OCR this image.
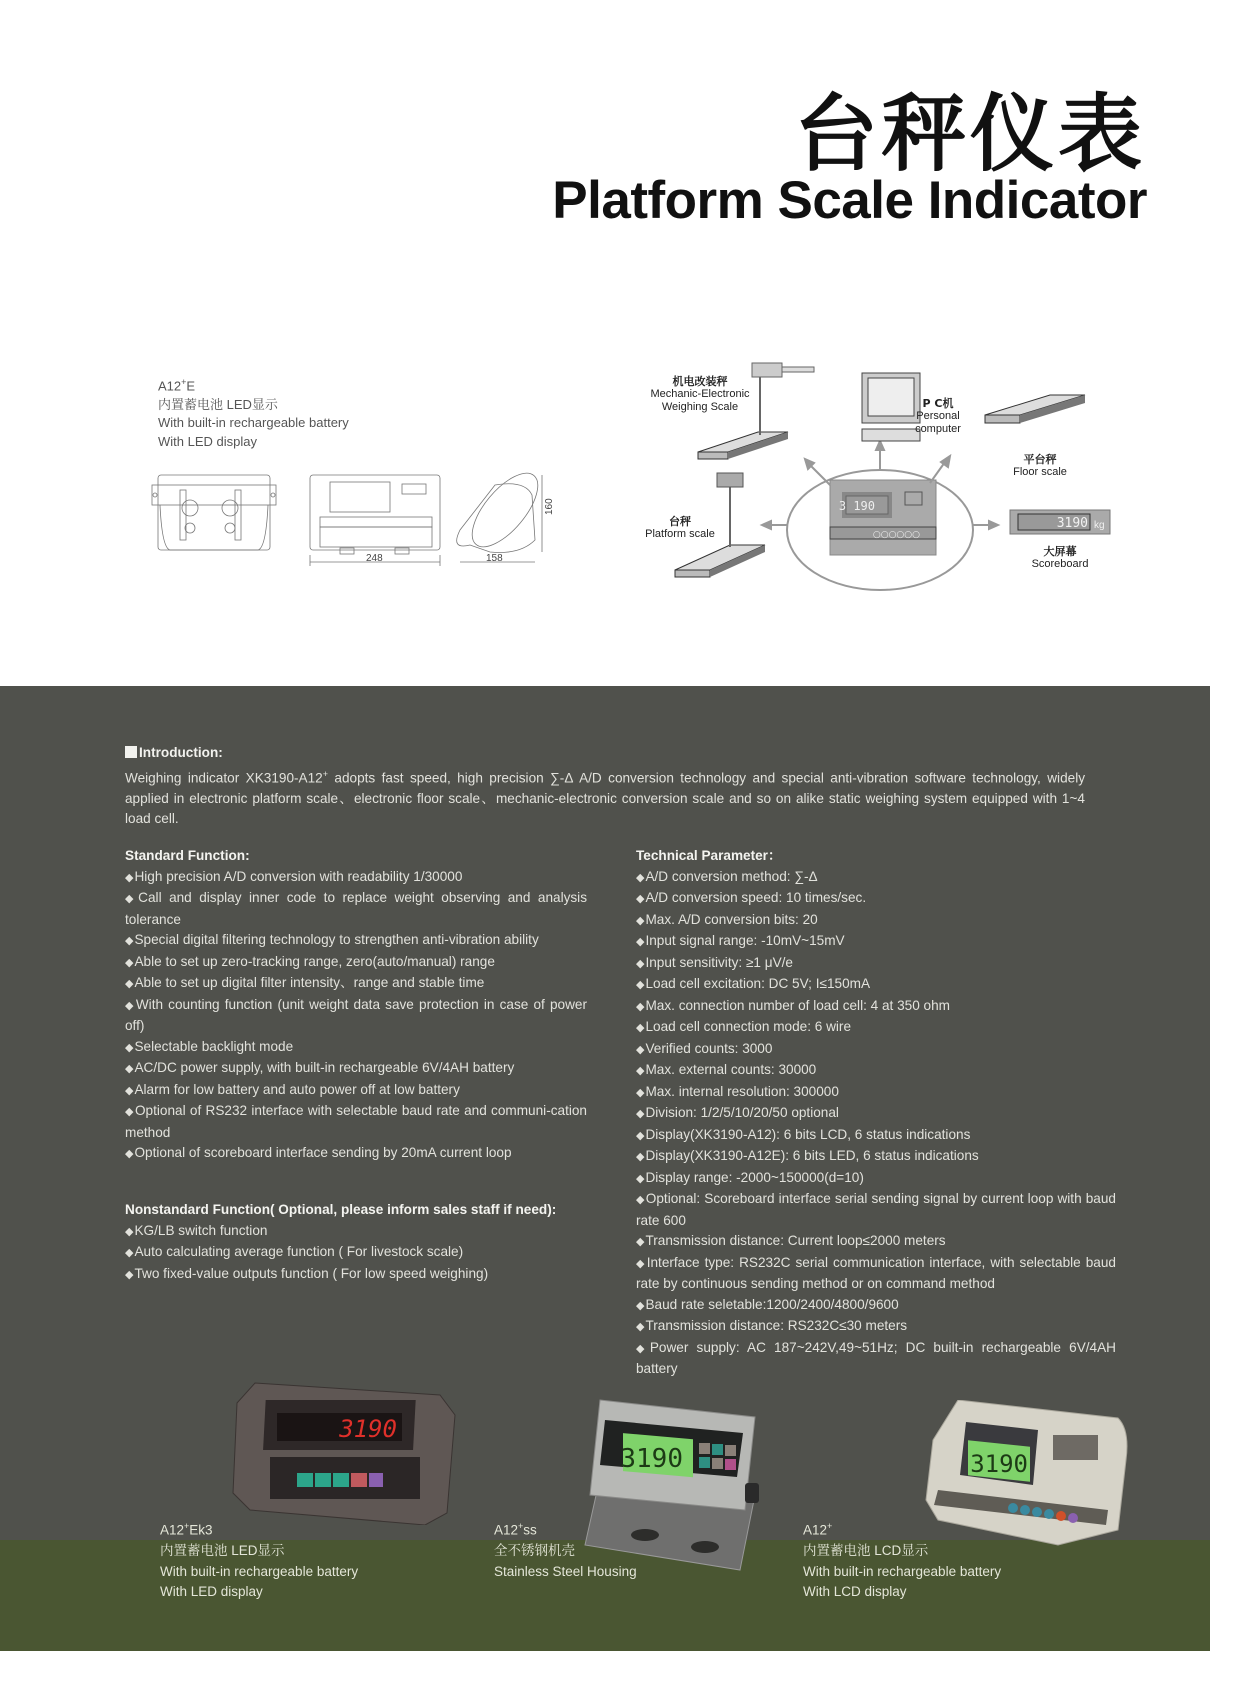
台秤仪表
Platform Scale Indicator
A12+E
内置蓄电池 LED显示
With built-in rechargeable battery
With LED display
248	158
160	3 190
○○○○○○
3190 kg
机电改装秤
Mechanic-Electronic Weighing Scale	P C机
Personal computer
平台秤
Floor scale
台秤
Platform scale
大屏幕
Scoreboard
Introduction:
Weighing indicator XK3190-A12+ adopts fast speed, high precision ∑-Δ A/D conversion technology and special anti-vibration software technology, widely applied in electronic platform scale、electronic floor scale、mechanic-electronic conversion scale and so on alike static weighing system equipped with 1~4 load cell.
Standard Function:
◆ High precision A/D conversion with readability 1/30000
◆ Call and display inner code to replace weight observing and analysis tolerance
◆ Special digital filtering technology to strengthen anti-vibration ability
◆ Able to set up zero-tracking range, zero(auto/manual) range
◆ Able to set up digital filter intensity、range and stable time
◆ With counting function (unit weight data save protection in case of power off)
◆ Selectable backlight mode
◆ AC/DC power supply, with built-in rechargeable 6V/4AH battery
◆ Alarm for low battery and auto power off at low battery
◆ Optional of RS232 interface with selectable baud rate and communi-cation method
◆ Optional of scoreboard interface sending by 20mA current loop
Nonstandard Function( Optional, please inform sales staff if need):
◆ KG/LB switch function
◆ Auto calculating average function ( For livestock scale)
◆ Two fixed-value outputs function ( For low speed weighing)
Technical Parameter：
◆ A/D conversion method: ∑-Δ
◆ A/D conversion speed: 10 times/sec.
◆ Max. A/D conversion bits: 20
◆ Input signal range: -10mV~15mV
◆ Input sensitivity: ≥1 μV/e
◆ Load cell excitation: DC 5V; I≤150mA
◆ Max. connection number of load cell: 4 at 350 ohm
◆ Load cell connection mode: 6 wire
◆ Verified counts: 3000
◆ Max. external counts: 30000
◆ Max. internal resolution: 300000
◆ Division: 1/2/5/10/20/50 optional
◆ Display(XK3190-A12): 6 bits LCD, 6 status indications
◆ Display(XK3190-A12E): 6 bits LED, 6 status indications
◆ Display range: -2000~150000(d=10)
◆ Optional: Scoreboard interface serial sending signal by current loop with baud rate 600
◆ Transmission distance: Current loop≤2000 meters
◆ Interface type: RS232C serial communication interface, with selectable baud rate by continuous sending method or on command method
◆ Baud rate seletable:1200/2400/4800/9600
◆ Transmission distance: RS232C≤30 meters
◆ Power supply: AC 187~242V,49~51Hz; DC built-in rechargeable 6V/4AH battery
3190
3190	3190
A12+Ek3
内置蓄电池 LED显示
With built-in rechargeable battery
With LED display
A12+ss
全不锈钢机壳
Stainless Steel Housing
A12+
内置蓄电池 LCD显示
With built-in rechargeable battery
With LCD display
